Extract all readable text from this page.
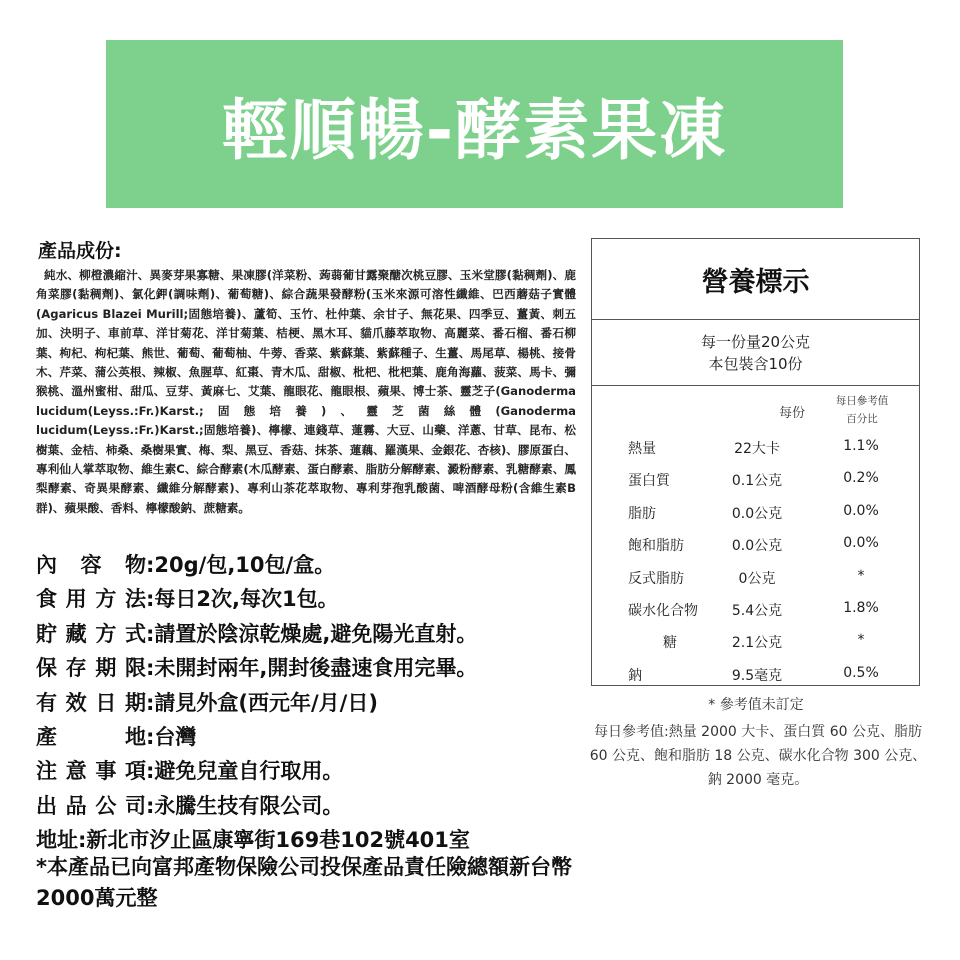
輕順暢-酵素果凍
產品成份:
純水、柳橙濃縮汁、異麥芽果寡糖、果凍膠(洋菜粉、蒟蒻葡甘露聚醣次桃豆膠、玉米堂膠(黏稠劑)、鹿角菜膠(黏稠劑)、氯化鉀(調味劑)、葡萄糖)、綜合蔬果發酵粉(玉米來源可溶性纖維、巴西蘑菇子實體(Agaricus Blazei Murill;固態培養)、蘆筍、玉竹、杜仲葉、余甘子、無花果、四季豆、薑黃、刺五加、決明子、車前草、洋甘菊花、洋甘菊葉、桔梗、黑木耳、貓爪藤萃取物、高麗菜、番石榴、番石柳葉、枸杞、枸杞葉、熊世、葡萄、葡萄柚、牛蒡、香菜、紫蘇葉、紫蘇種子、生薑、馬尾草、楊桃、接骨木、芹菜、蒲公英根、辣椒、魚腥草、紅棗、青木瓜、甜椒、枇杷、枇杷葉、鹿角海蘿、菠菜、馬卡、彌猴桃、溫州蜜柑、甜瓜、豆芽、黃麻七、艾葉、龍眼花、龍眼根、蘋果、博士茶、靈芝子(Ganoderma lucidum(Leyss.:Fr.)Karst.;固態培養)、靈芝菌絲體(Ganoderma lucidum(Leyss.:Fr.)Karst.;固態培養)、檸檬、連錢草、蓮霧、大豆、山藥、洋蔥、甘草、昆布、松樹葉、金桔、柿桑、桑樹果實、梅、梨、黑豆、香菇、抹茶、蓮藕、羅漢果、金銀花、杏核)、膠原蛋白、專利仙人掌萃取物、維生素C、綜合酵素(木瓜酵素、蛋白酵素、脂肪分解酵素、澱粉酵素、乳糖酵素、鳳梨酵素、奇異果酵素、纖維分解酵素)、專利山茶花萃取物、專利芽孢乳酸菌、啤酒酵母粉(含維生素B群)、蘋果酸、香料、檸檬酸鈉、蔗糖素。
內容物:20g/包,10包/盒。
食用方法:每日2次,每次1包。
貯藏方式:請置於陰涼乾燥處,避免陽光直射。
保存期限:未開封兩年,開封後盡速食用完畢。
有效日期:請見外盒(西元年/月/日)
產地:台灣
注意事項:避免兒童自行取用。
出品公司:永騰生技有限公司。
地址:新北市汐止區康寧街169巷102號401室
*本產品已向富邦產物保險公司投保產品責任險總額新台幣2000萬元整
營養標示
每一份量20公克
本包裝含10份
每份
每日參考值百分比
熱量	22大卡	1.1%
蛋白質	0.1公克	0.2%
脂肪	0.0公克	0.0%
飽和脂肪	0.0公克	0.0%
反式脂肪	0公克	*
碳水化合物	5.4公克	1.8%
糖	2.1公克	*
鈉	9.5毫克	0.5%
* 參考值未訂定
每日參考值:熱量 2000 大卡、蛋白質 60 公克、脂肪 60 公克、飽和脂肪 18 公克、碳水化合物 300 公克、鈉 2000 毫克。
